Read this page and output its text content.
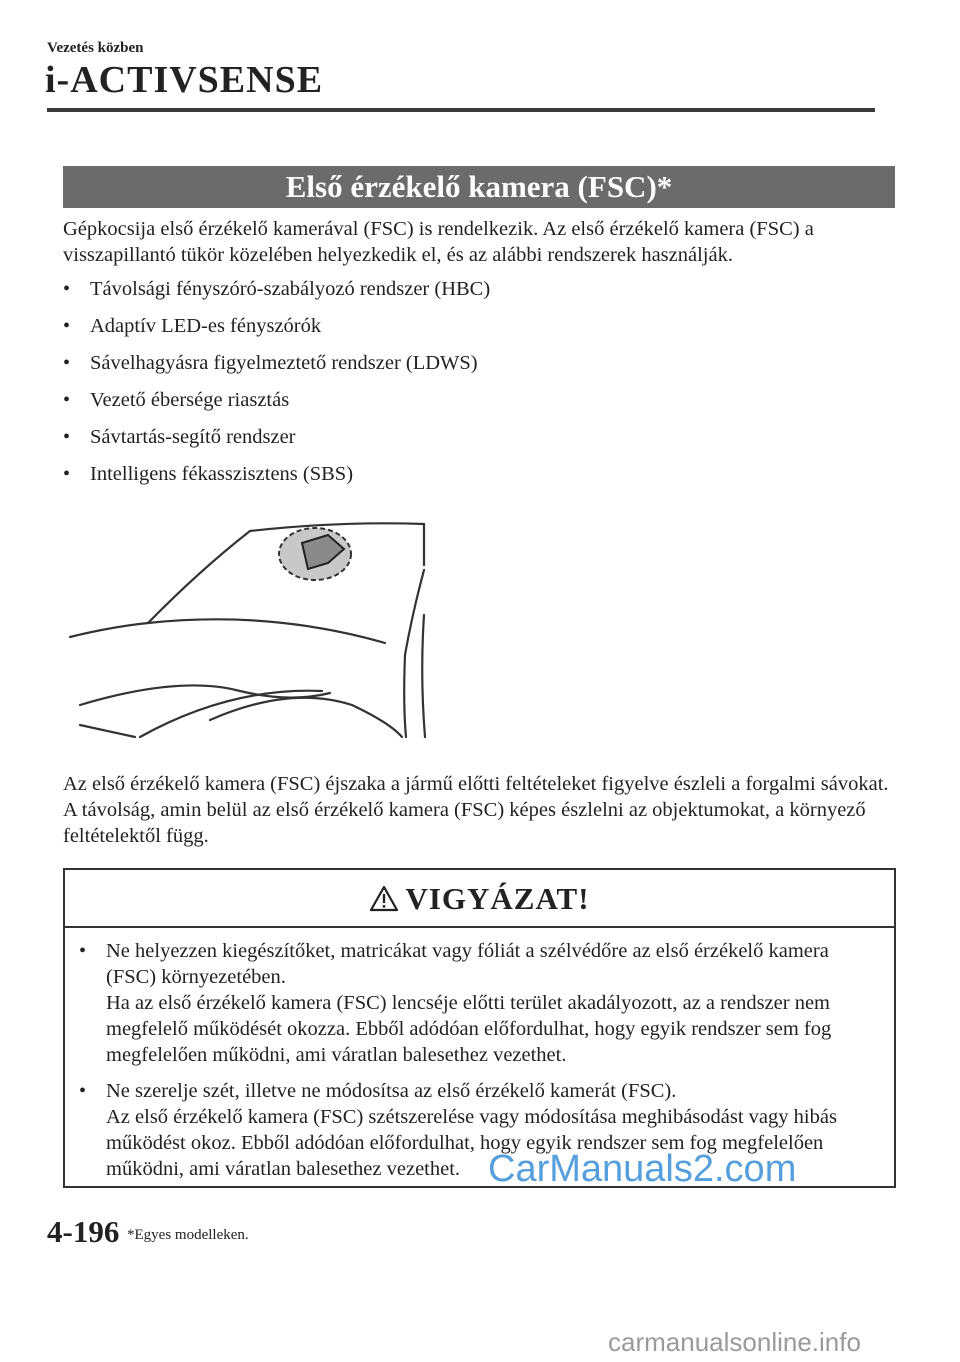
Vezetés közben
i-ACTIVSENSE
Első érzékelő kamera (FSC)*
Gépkocsija első érzékelő kamerával (FSC) is rendelkezik. Az első érzékelő kamera (FSC) a visszapillantó tükör közelében helyezkedik el, és az alábbi rendszerek használják.
• Távolsági fényszóró-szabályozó rendszer (HBC)
• Adaptív LED-es fényszórók
• Sávelhagyásra figyelmeztető rendszer (LDWS)
• Vezető ébersége riasztás
• Sávtartás-segítő rendszer
• Intelligens fékasszisztens (SBS)
Az első érzékelő kamera (FSC) éjszaka a jármű előtti feltételeket figyelve észleli a forgalmi sávokat. A távolság, amin belül az első érzékelő kamera (FSC) képes észlelni az objektumokat, a környező feltételektől függ.
VIGYÁZAT!
• Ne helyezzen kiegészítőket, matricákat vagy fóliát a szélvédőre az első érzékelő kamera (FSC) környezetében.
Ha az első érzékelő kamera (FSC) lencséje előtti terület akadályozott, az a rendszer nem megfelelő működését okozza. Ebből adódóan előfordulhat, hogy egyik rendszer sem fog megfelelően működni, ami váratlan balesethez vezethet.
• Ne szerelje szét, illetve ne módosítsa az első érzékelő kamerát (FSC).
Az első érzékelő kamera (FSC) szétszerelése vagy módosítása meghibásodást vagy hibás működést okoz. Ebből adódóan előfordulhat, hogy egyik rendszer sem fog megfelelően működni, ami váratlan balesethez vezethet. CarManuals2.com
4-196 *Egyes modelleken.
carmanualsonline.info
